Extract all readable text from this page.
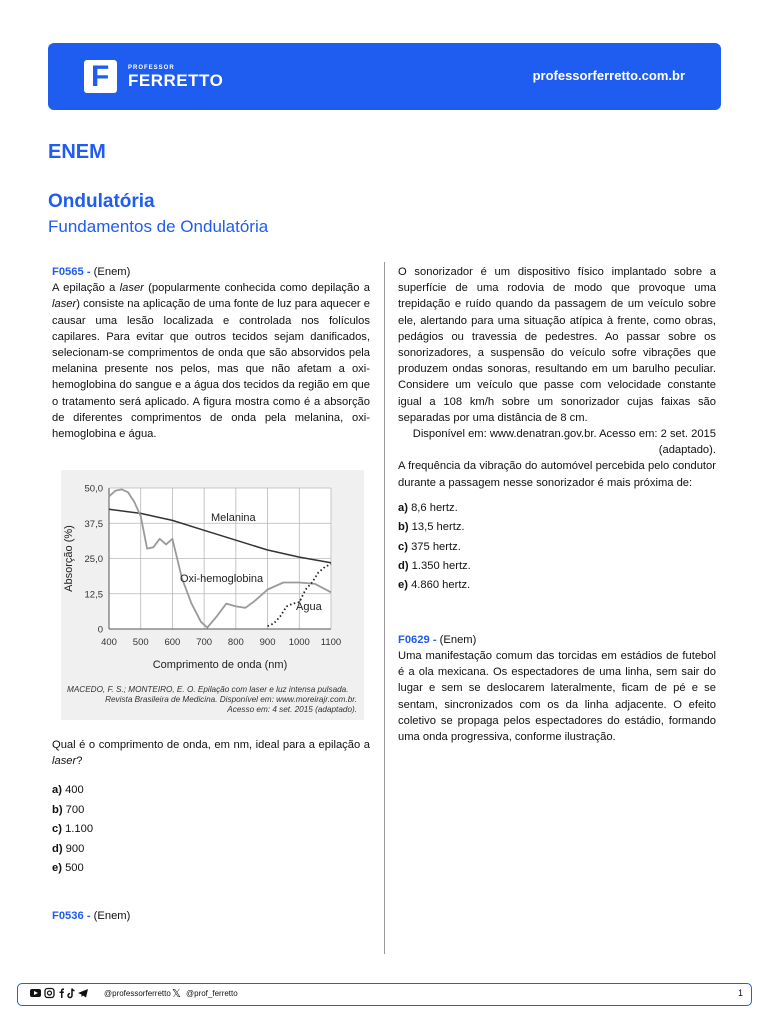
F	PROFESSOR
FERRETTO	professorferretto.com.br
ENEM
Ondulatória
Fundamentos de Ondulatória
F0565 - (Enem)

A epilação a laser (popularmente conhecida como depilação a laser) consiste na aplicação de uma fonte de luz para aquecer e causar uma lesão localizada e controlada nos folículos capilares. Para evitar que outros tecidos sejam danificados, selecionam-se comprimentos de onda que são absorvidos pela melanina presente nos pelos, mas que não afetam a oxi-hemoglobina do sangue e a água dos tecidos da região em que o tratamento será aplicado. A figura mostra como é a absorção de diferentes comprimentos de onda pela melanina, oxi-hemoglobina e água.

400 500 600 700 800 900 1000 1100
0
12,5
25,0
37,5
50,0
Melanina
Oxi-hemoglobina
Água
Comprimento de onda (nm)
Absorção (%)
MACEDO, F. S.; MONTEIRO, E. O. Epilação com laser e luz intensa pulsada.
Revista Brasileira de Medicina. Disponível em: www.moreirajr.com.br.
Acesso em: 4 set. 2015 (adaptado).

Qual é o comprimento de onda, em nm, ideal para a epilação a laser?

a) 400
b) 700
c) 1.100
d) 900
e) 500
F0536 - (Enem)

O sonorizador é um dispositivo físico implantado sobre a superfície de uma rodovia de modo que provoque uma trepidação e ruído quando da passagem de um veículo sobre ele, alertando para uma situação atípica à frente, como obras, pedágios ou travessia de pedestres. Ao passar sobre os sonorizadores, a suspensão do veículo sofre vibrações que produzem ondas sonoras, resultando em um barulho peculiar. Considere um veículo que passe com velocidade constante igual a 108 km/h sobre um sonorizador cujas faixas são separadas por uma distância de 8 cm.

Disponível em: www.denatran.gov.br. Acesso em: 2 set. 2015 (adaptado).

A frequência da vibração do automóvel percebida pelo condutor durante a passagem nesse sonorizador é mais próxima de:

a) 8,6 hertz.
b) 13,5 hertz.
c) 375 hertz.
d) 1.350 hertz.
e) 4.860 hertz.
F0629 - (Enem)

Uma manifestação comum das torcidas em estádios de futebol é a ola mexicana. Os espectadores de uma linha, sem sair do lugar e sem se deslocarem lateralmente, ficam de pé e se sentam, sincronizados com os da linha adjacente. O efeito coletivo se propaga pelos espectadores do estádio, formando uma onda progressiva, conforme ilustração.

@professorferretto 𝕏 @prof_ferretto	1
